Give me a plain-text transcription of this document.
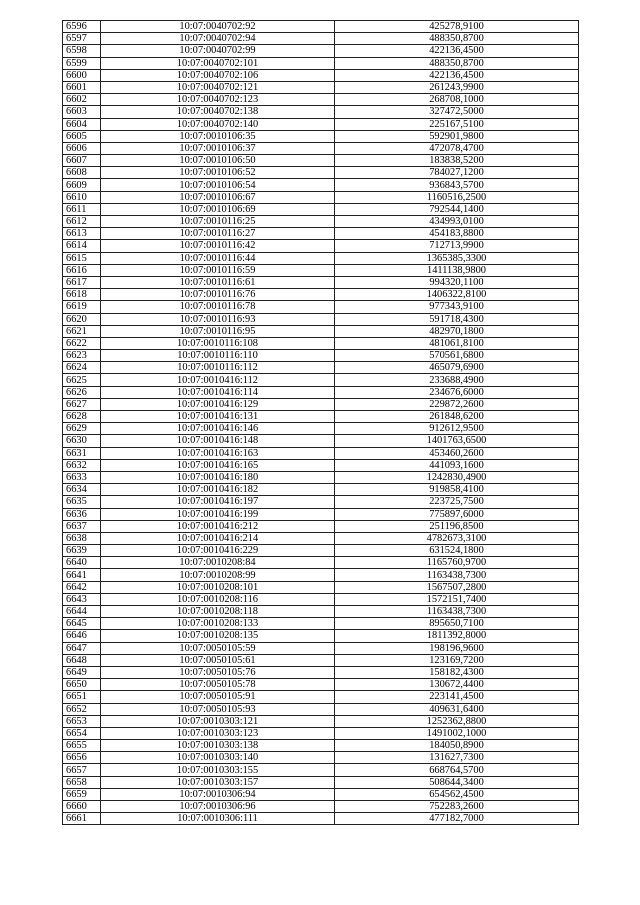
6596	10:07:0040702:92	425278,9100
6597	10:07:0040702:94	488350,8700
6598	10:07:0040702:99	422136,4500
6599	10:07:0040702:101	488350,8700
6600	10:07:0040702:106	422136,4500
6601	10:07:0040702:121	261243,9900
6602	10:07:0040702:123	268708,1000
6603	10:07:0040702:138	327472,5000
6604	10:07:0040702:140	225167,5100
6605	10:07:0010106:35	592901,9800
6606	10:07:0010106:37	472078,4700
6607	10:07:0010106:50	183838,5200
6608	10:07:0010106:52	784027,1200
6609	10:07:0010106:54	936843,5700
6610	10:07:0010106:67	1160516,2500
6611	10:07:0010106:69	792544,1400
6612	10:07:0010116:25	434993,0100
6613	10:07:0010116:27	454183,8800
6614	10:07:0010116:42	712713,9900
6615	10:07:0010116:44	1365385,3300
6616	10:07:0010116:59	1411138,9800
6617	10:07:0010116:61	994320,1100
6618	10:07:0010116:76	1406322,8100
6619	10:07:0010116:78	977343,9100
6620	10:07:0010116:93	591718,4300
6621	10:07:0010116:95	482970,1800
6622	10:07:0010116:108	481061,8100
6623	10:07:0010116:110	570561,6800
6624	10:07:0010116:112	465079,6900
6625	10:07:0010416:112	233688,4900
6626	10:07:0010416:114	234676,6000
6627	10:07:0010416:129	229872,2600
6628	10:07:0010416:131	261848,6200
6629	10:07:0010416:146	912612,9500
6630	10:07:0010416:148	1401763,6500
6631	10:07:0010416:163	453460,2600
6632	10:07:0010416:165	441093,1600
6633	10:07:0010416:180	1242830,4900
6634	10:07:0010416:182	919858,4100
6635	10:07:0010416:197	223725,7500
6636	10:07:0010416:199	775897,6000
6637	10:07:0010416:212	251196,8500
6638	10:07:0010416:214	4782673,3100
6639	10:07:0010416:229	631524,1800
6640	10:07:0010208:84	1165760,9700
6641	10:07:0010208:99	1163438,7300
6642	10:07:0010208:101	1567507,2800
6643	10:07:0010208:116	1572151,7400
6644	10:07:0010208:118	1163438,7300
6645	10:07:0010208:133	895650,7100
6646	10:07:0010208:135	1811392,8000
6647	10:07:0050105:59	198196,9600
6648	10:07:0050105:61	123169,7200
6649	10:07:0050105:76	158182,4300
6650	10:07:0050105:78	130672,4400
6651	10:07:0050105:91	223141,4500
6652	10:07:0050105:93	409631,6400
6653	10:07:0010303:121	1252362,8800
6654	10:07:0010303:123	1491002,1000
6655	10:07:0010303:138	184050,8900
6656	10:07:0010303:140	131627,7300
6657	10:07:0010303:155	668764,5700
6658	10:07:0010303:157	508644,3400
6659	10:07:0010306:94	654562,4500
6660	10:07:0010306:96	752283,2600
6661	10:07:0010306:111	477182,7000
